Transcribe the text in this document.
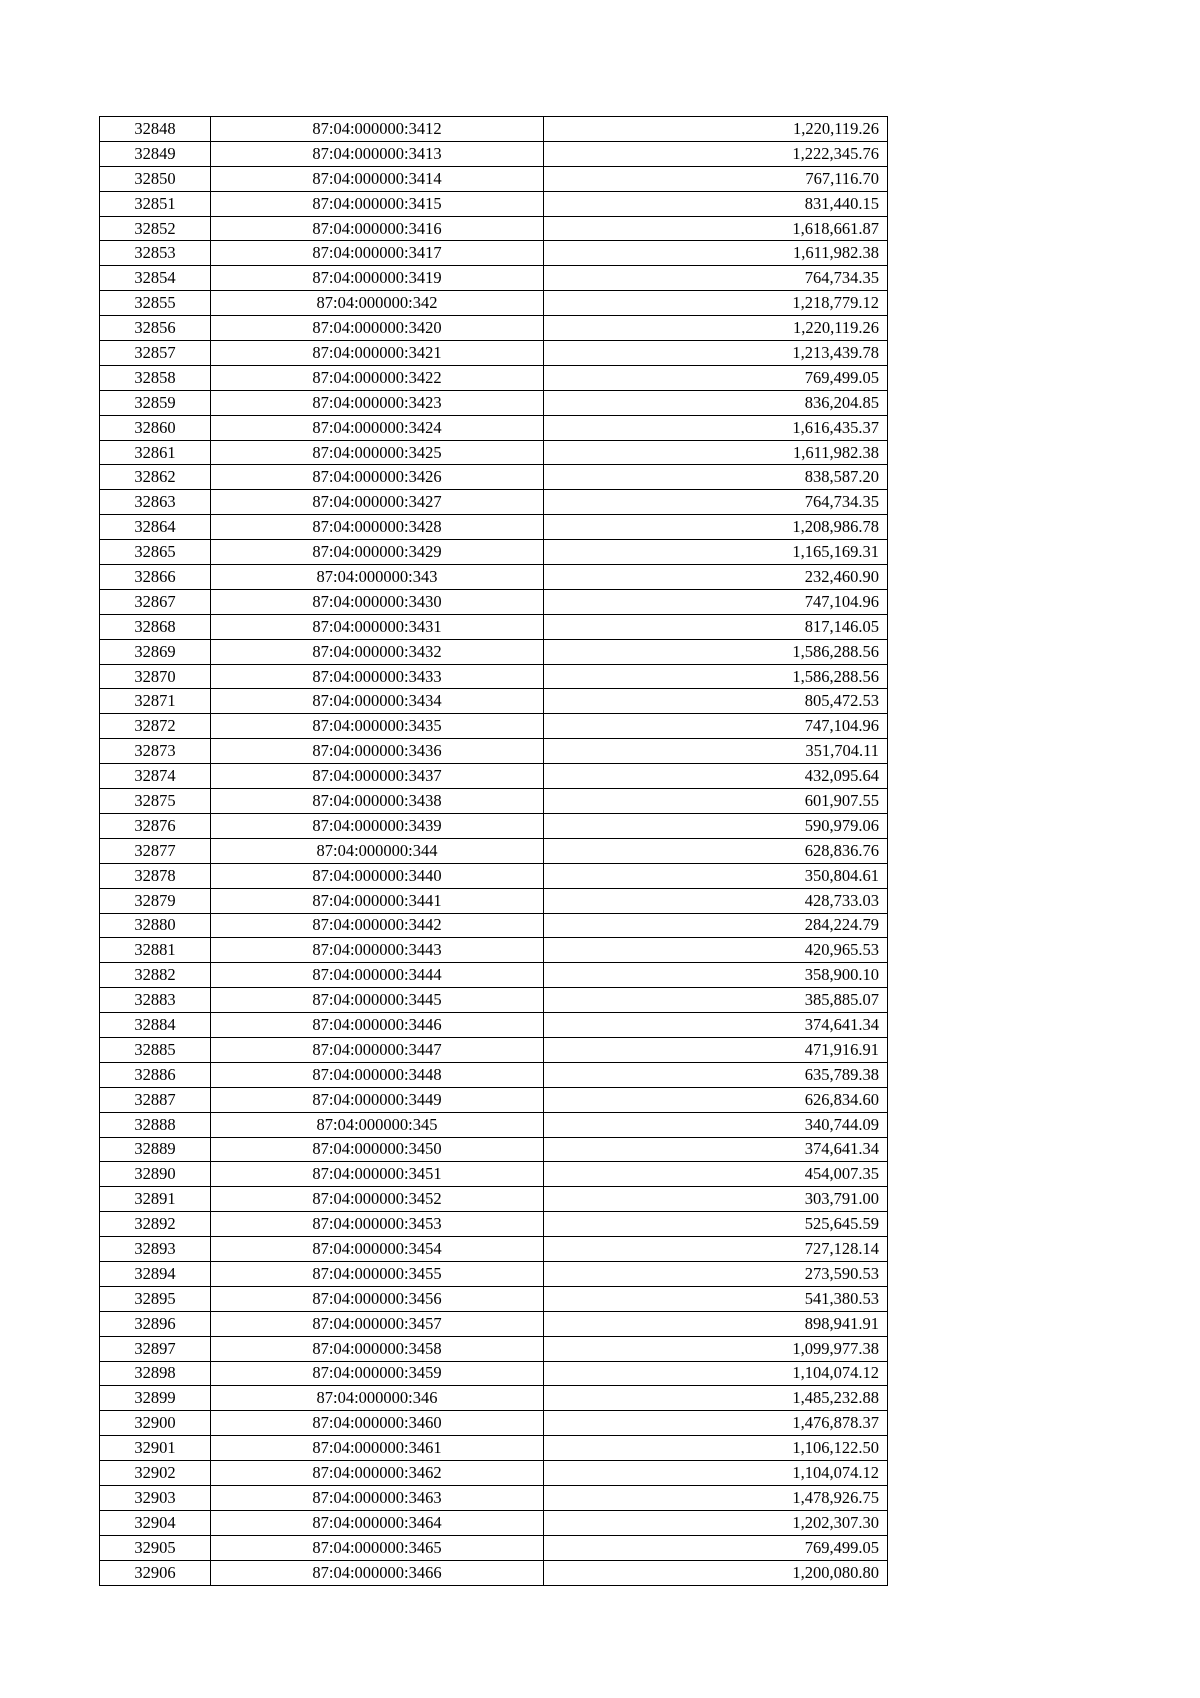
32848	87:04:000000:3412	1,220,119.26
32849	87:04:000000:3413	1,222,345.76
32850	87:04:000000:3414	767,116.70
32851	87:04:000000:3415	831,440.15
32852	87:04:000000:3416	1,618,661.87
32853	87:04:000000:3417	1,611,982.38
32854	87:04:000000:3419	764,734.35
32855	87:04:000000:342	1,218,779.12
32856	87:04:000000:3420	1,220,119.26
32857	87:04:000000:3421	1,213,439.78
32858	87:04:000000:3422	769,499.05
32859	87:04:000000:3423	836,204.85
32860	87:04:000000:3424	1,616,435.37
32861	87:04:000000:3425	1,611,982.38
32862	87:04:000000:3426	838,587.20
32863	87:04:000000:3427	764,734.35
32864	87:04:000000:3428	1,208,986.78
32865	87:04:000000:3429	1,165,169.31
32866	87:04:000000:343	232,460.90
32867	87:04:000000:3430	747,104.96
32868	87:04:000000:3431	817,146.05
32869	87:04:000000:3432	1,586,288.56
32870	87:04:000000:3433	1,586,288.56
32871	87:04:000000:3434	805,472.53
32872	87:04:000000:3435	747,104.96
32873	87:04:000000:3436	351,704.11
32874	87:04:000000:3437	432,095.64
32875	87:04:000000:3438	601,907.55
32876	87:04:000000:3439	590,979.06
32877	87:04:000000:344	628,836.76
32878	87:04:000000:3440	350,804.61
32879	87:04:000000:3441	428,733.03
32880	87:04:000000:3442	284,224.79
32881	87:04:000000:3443	420,965.53
32882	87:04:000000:3444	358,900.10
32883	87:04:000000:3445	385,885.07
32884	87:04:000000:3446	374,641.34
32885	87:04:000000:3447	471,916.91
32886	87:04:000000:3448	635,789.38
32887	87:04:000000:3449	626,834.60
32888	87:04:000000:345	340,744.09
32889	87:04:000000:3450	374,641.34
32890	87:04:000000:3451	454,007.35
32891	87:04:000000:3452	303,791.00
32892	87:04:000000:3453	525,645.59
32893	87:04:000000:3454	727,128.14
32894	87:04:000000:3455	273,590.53
32895	87:04:000000:3456	541,380.53
32896	87:04:000000:3457	898,941.91
32897	87:04:000000:3458	1,099,977.38
32898	87:04:000000:3459	1,104,074.12
32899	87:04:000000:346	1,485,232.88
32900	87:04:000000:3460	1,476,878.37
32901	87:04:000000:3461	1,106,122.50
32902	87:04:000000:3462	1,104,074.12
32903	87:04:000000:3463	1,478,926.75
32904	87:04:000000:3464	1,202,307.30
32905	87:04:000000:3465	769,499.05
32906	87:04:000000:3466	1,200,080.80
